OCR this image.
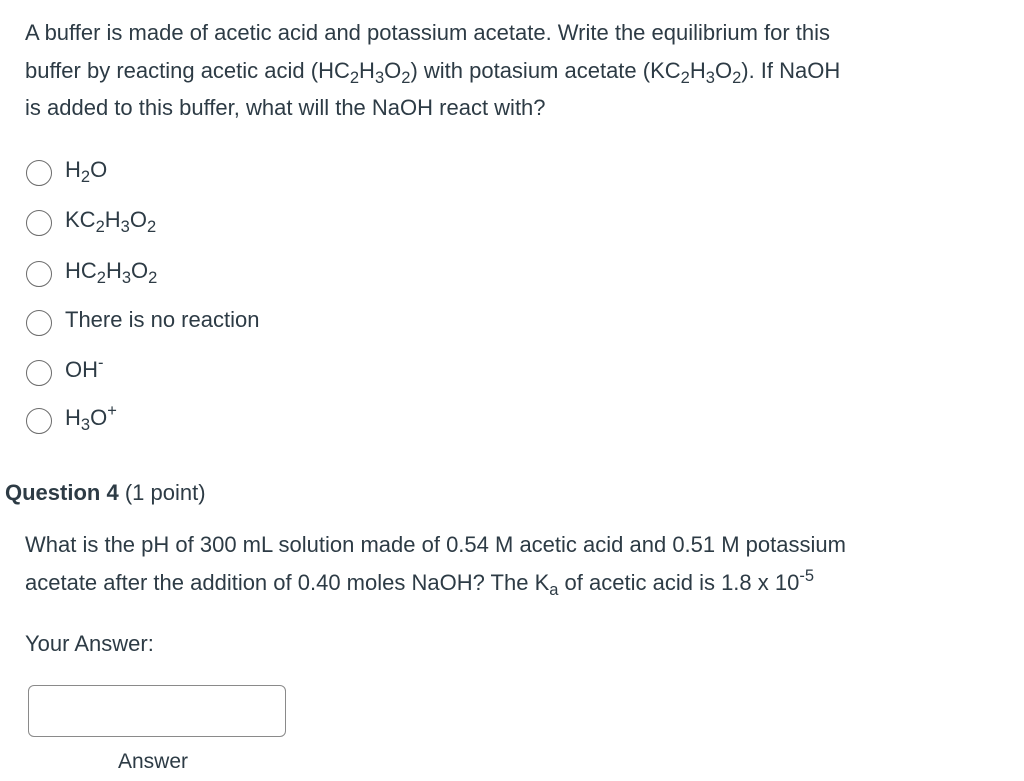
A buffer is made of acetic acid and potassium acetate. Write the equilibrium for this
buffer by reacting acetic acid $(HC_2H_3O_2)$ with potasium acetate $(KC_2H_3O_2)$. If NaOH
is added to this buffer, what will the NaOH react with?
$H_2O$
$KC_2H_3O_2$
$HC_2H_3O_2$
There is no reaction
OH-
$H_3O^+$
Question 4 (1 point)
What is the pH of 300 mL solution made of 0.54 M acetic acid and 0.51 M potassium
acetate after the addition of 0.40 moles NaOH? The $K_a$ of acetic acid is 1.8 x $10^{-5}$
Your Answer:
Answer
